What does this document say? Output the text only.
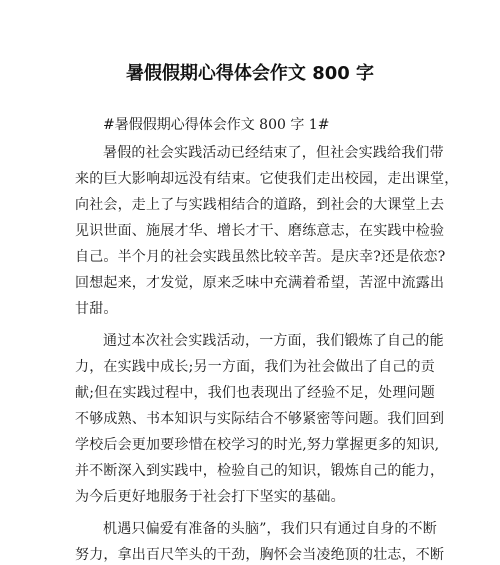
暑假假期心得体会作文 800 字

#暑假假期心得体会作文 800 字 1#

暑假的社会实践活动已经结束了，但社会实践给我们带

来的巨大影响却远没有结束。它使我们走出校园，走出课堂，

向社会，走上了与实践相结合的道路，到社会的大课堂上去

见识世面、施展才华、增长才干、磨练意志，在实践中检验

自己。半个月的社会实践虽然比较辛苦。是庆幸?还是依恋?

回想起来，才发觉，原来乏味中充满着希望，苦涩中流露出

甘甜。

通过本次社会实践活动，一方面，我们锻炼了自己的能

力，在实践中成长;另一方面，我们为社会做出了自己的贡

献;但在实践过程中，我们也表现出了经验不足，处理问题

不够成熟、书本知识与实际结合不够紧密等问题。我们回到

学校后会更加要珍惜在校学习的时光,努力掌握更多的知识,

并不断深入到实践中，检验自己的知识，锻炼自己的能力，

为今后更好地服务于社会打下坚实的基础。

机遇只偏爱有准备的头脑”，我们只有通过自身的不断

努力，拿出百尺竿头的干劲，胸怀会当凌绝顶的壮志，不断
